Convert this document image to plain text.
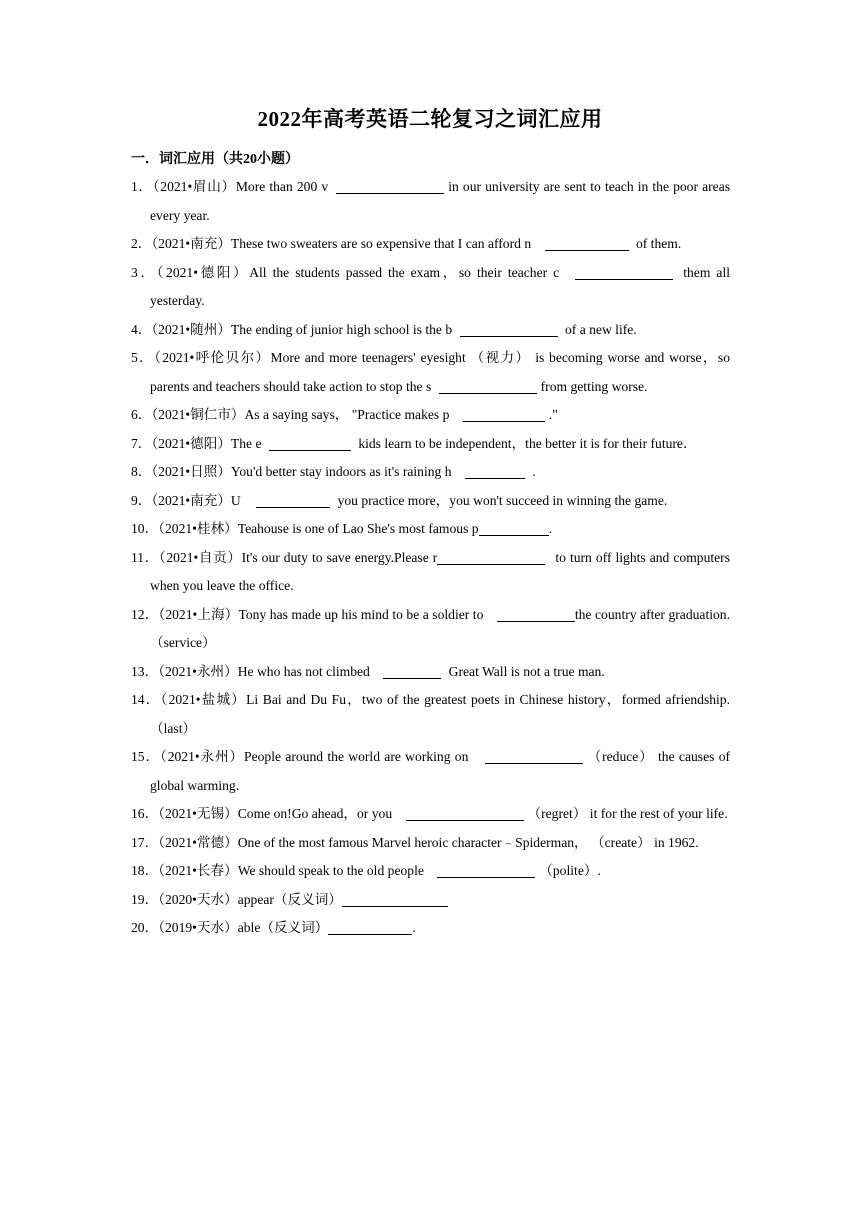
2022年高考英语二轮复习之词汇应用
一．词汇应用（共20小题）

1．（2021•眉山）More than 200 v	in our university are sent to teach in the poor areas every year.

2．（2021•南充）These two sweaters are so expensive that I can afford n	of them.

3．（2021•德阳）All the students passed the exam，so their teacher c	them all yesterday.

4．（2021•随州）The ending of junior high school is the b	of a new life.

5．（2021•呼伦贝尔）More and more teenagers' eyesight （视力） is becoming worse and worse，so parents and teachers should take action to stop the s	from getting worse.

6．（2021•铜仁市）As a saying says， "Practice makes p	."

7．（2021•德阳）The e	kids learn to be independent，the better it is for their future．

8．（2021•日照）You'd better stay indoors as it's raining h	.

9．（2021•南充）U	you practice more，you won't succeed in winning the game.

10．（2021•桂林）Teahouse is one of Lao She's most famous p	.

11．（2021•自贡）It's our duty to save energy.Please r	to turn off lights and computers when you leave the office.

12．（2021•上海）Tony has made up his mind to be a soldier to	the country after graduation. （service）

13．（2021•永州）He who has not climbed	Great Wall is not a true man.

14．（2021•盐城）Li Bai and Du Fu，two of the greatest poets in Chinese history，formed afriendship. （last）

15．（2021•永州）People around the world are working on	（reduce） the causes of global warming.

16．（2021•无锡）Come on!Go ahead，or you	（regret） it for the rest of your life.

17．（2021•常德）One of the most famous Marvel heroic character﹣Spiderman， （create） in 1962.

18．（2021•长春）We should speak to the old people	（polite）.

19．（2020•天水）appear（反义词）

20．（2019•天水）able（反义词）	.
